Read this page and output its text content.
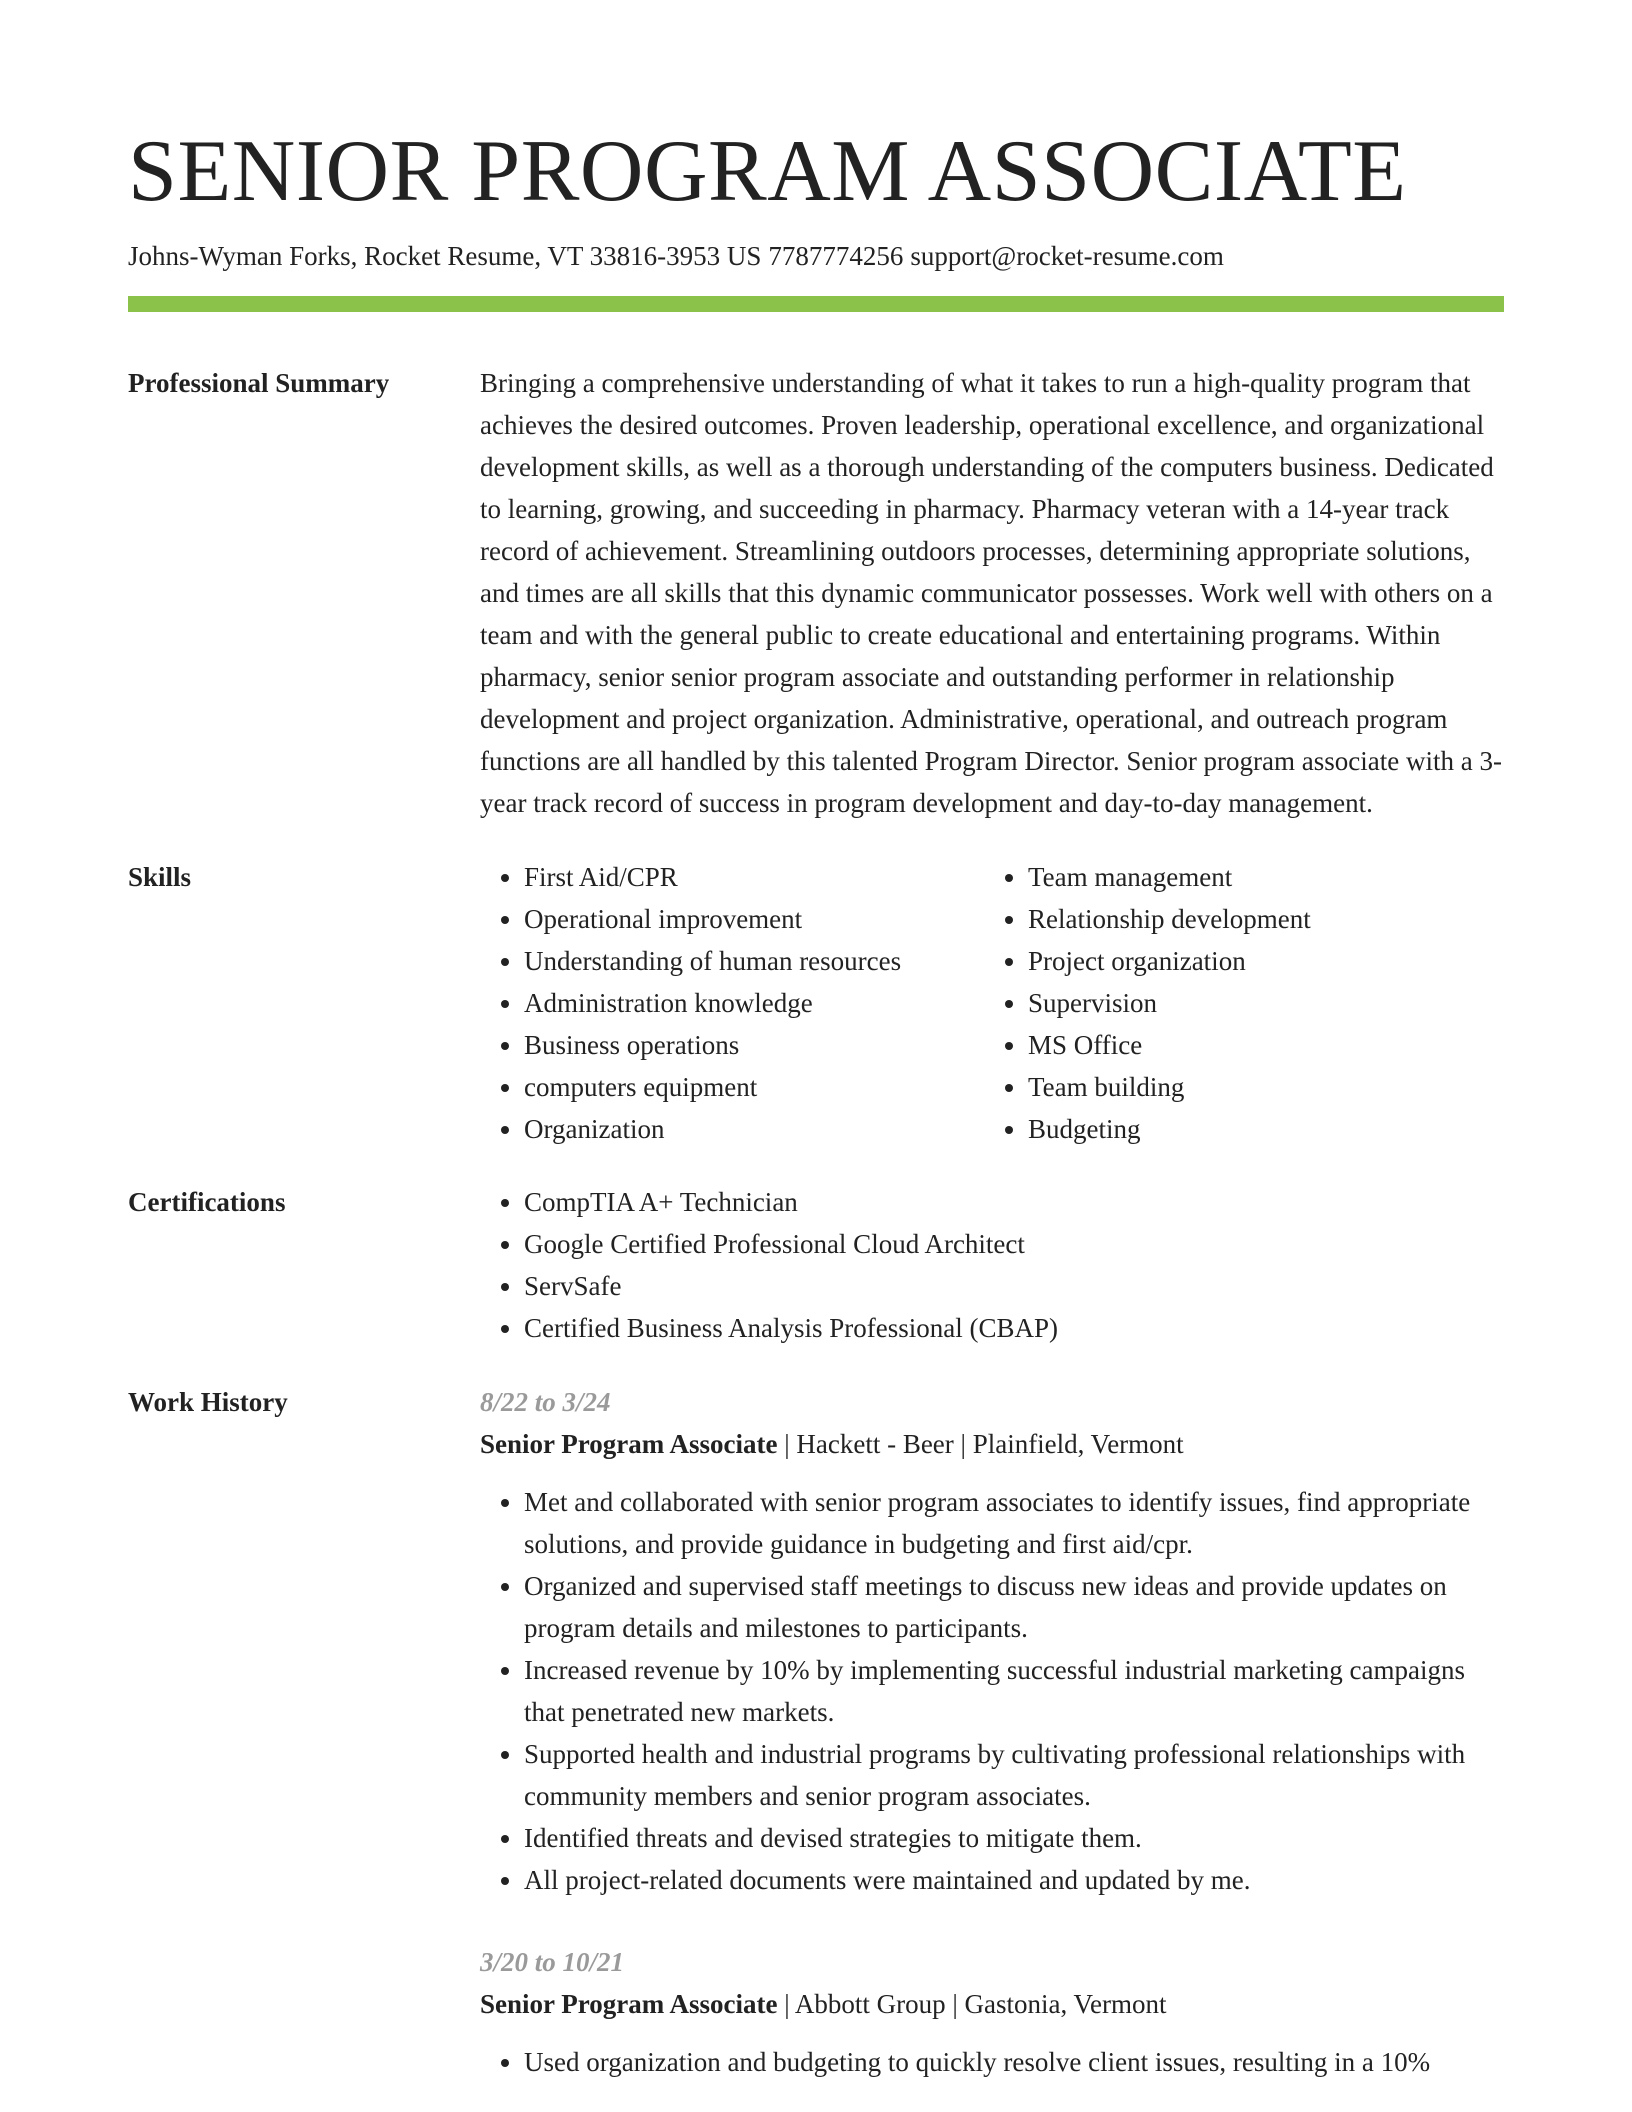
SENIOR PROGRAM ASSOCIATE
Johns-Wyman Forks, Rocket Resume, VT 33816-3953 US 7787774256 support@rocket-resume.com
Professional Summary	Bringing a comprehensive understanding of what it takes to run a high-quality program that achieves the desired outcomes. Proven leadership, operational excellence, and organizational development skills, as well as a thorough understanding of the computers business. Dedicated to learning, growing, and succeeding in pharmacy. Pharmacy veteran with a 14-year track record of achievement. Streamlining outdoors processes, determining appropriate solutions, and times are all skills that this dynamic communicator possesses. Work well with others on a team and with the general public to create educational and entertaining programs. Within pharmacy, senior senior program associate and outstanding performer in relationship development and project organization. Administrative, operational, and outreach program functions are all handled by this talented Program Director. Senior program associate with a 3-year track record of success in program development and day-to-day management.

Skills	• First Aid/CPR
• Operational improvement
• Understanding of human resources
• Administration knowledge
• Business operations
• computers equipment
• Organization
• Team management
• Relationship development
• Project organization
• Supervision
• MS Office
• Team building
• Budgeting
Certifications	• CompTIA A+ Technician
• Google Certified Professional Cloud Architect
• ServSafe
• Certified Business Analysis Professional (CBAP)
Work History	8/22 to 3/24
Senior Program Associate | Hackett - Beer | Plainfield, Vermont
• Met and collaborated with senior program associates to identify issues, find appropriate solutions, and provide guidance in budgeting and first aid/cpr.
• Organized and supervised staff meetings to discuss new ideas and provide updates on program details and milestones to participants.
• Increased revenue by 10% by implementing successful industrial marketing campaigns that penetrated new markets.
• Supported health and industrial programs by cultivating professional relationships with community members and senior program associates.
• Identified threats and devised strategies to mitigate them.
• All project-related documents were maintained and updated by me.
3/20 to 10/21
Senior Program Associate | Abbott Group | Gastonia, Vermont
• Used organization and budgeting to quickly resolve client issues, resulting in a 10%
